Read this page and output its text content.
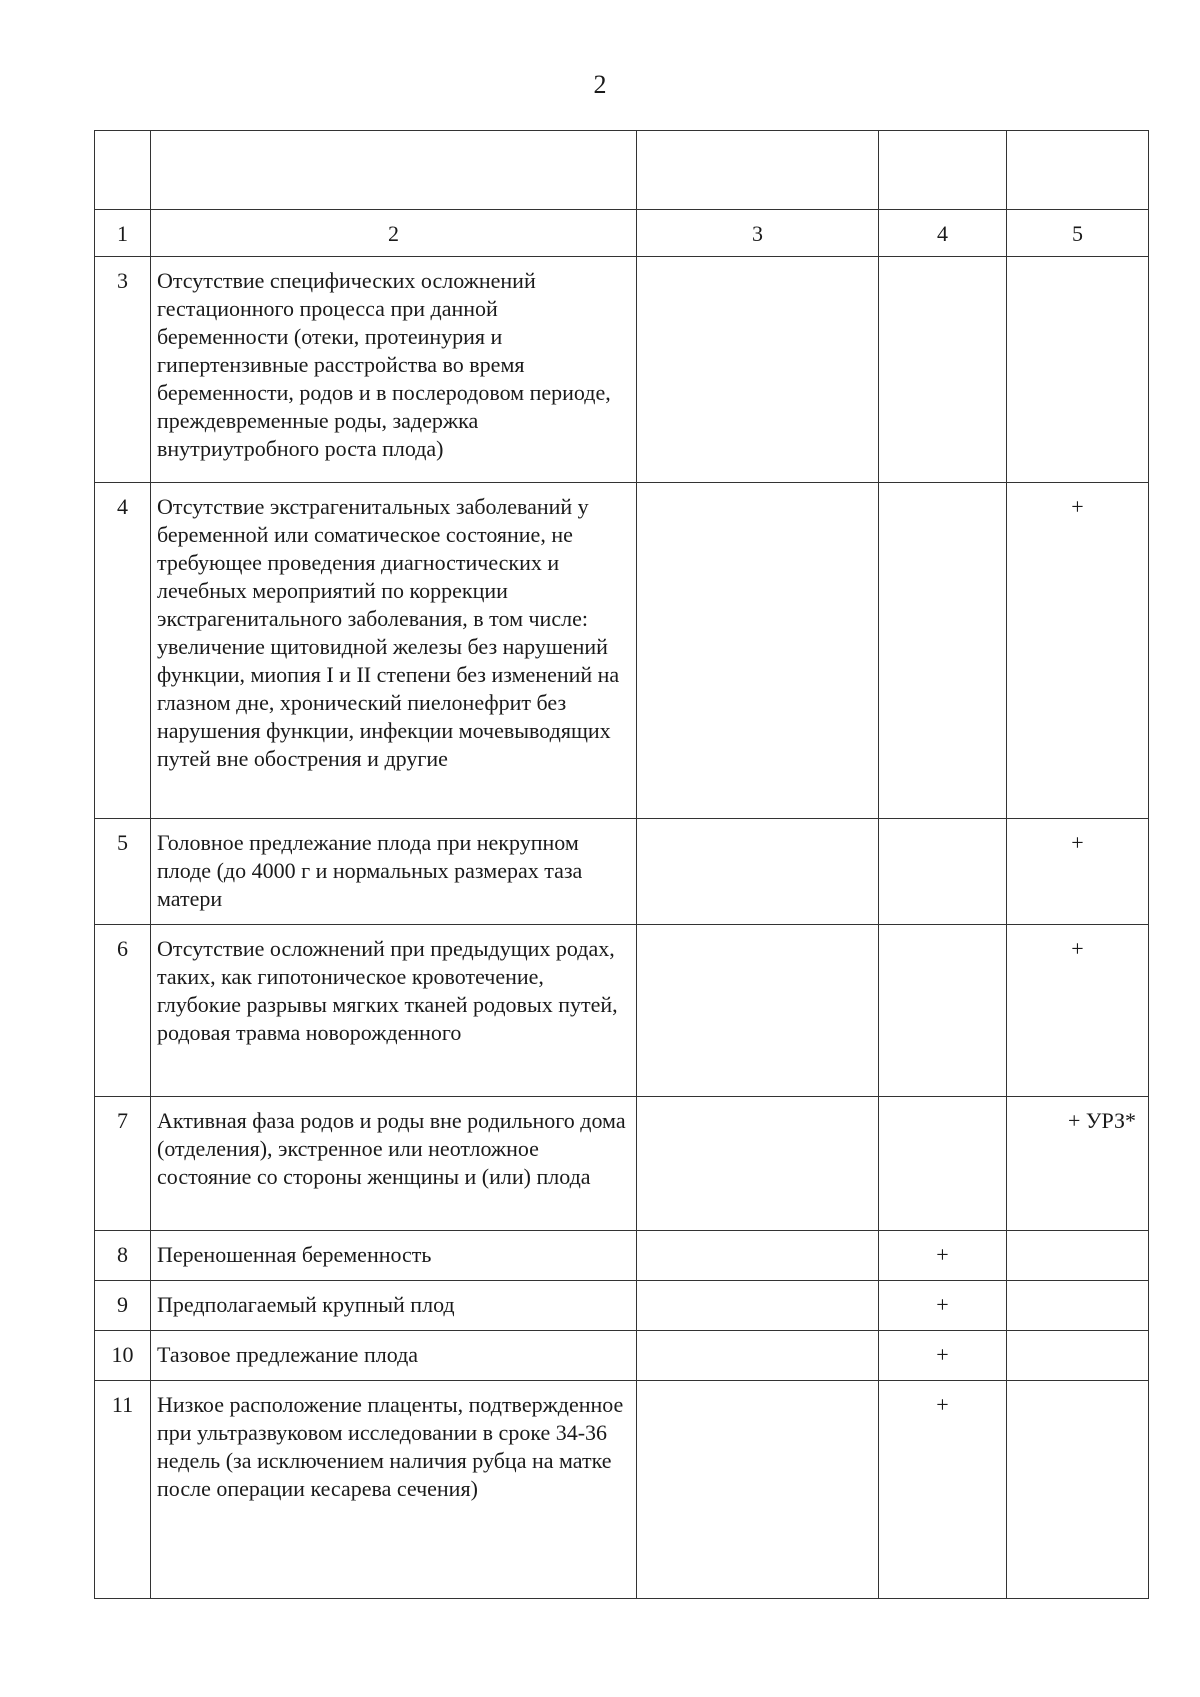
2

1	2	3	4	5
3	Отсутствие специфических осложнений гестационного процесса при данной беременности (отеки, протеинурия и гипертензивные расстройства во время беременности, родов и в послеродовом периоде, преждевременные роды, задержка внутриутробного роста плода)			
4	Отсутствие экстрагенитальных заболеваний у беременной или соматическое состояние, не требующее проведения диагностических и лечебных мероприятий по коррекции экстрагенитального заболевания, в том числе: увеличение щитовидной железы без нарушений функции, миопия I и II степени без изменений на глазном дне, хронический пиелонефрит без нарушения функции, инфекции мочевыводящих путей вне обострения и другие			+
5	Головное предлежание плода при некрупном плоде (до 4000 г и нормальных размерах таза матери			+
6	Отсутствие осложнений при предыдущих родах, таких, как гипотоническое кровотечение, глубокие разрывы мягких тканей родовых путей, родовая травма новорожденного			+
7	Активная фаза родов и роды вне родильного дома (отделения), экстренное или неотложное состояние со стороны женщины и (или) плода			+ УРЗ*
8	Переношенная беременность		+	
9	Предполагаемый крупный плод		+	
10	Тазовое предлежание плода		+	
11	Низкое расположение плаценты, подтвержденное при ультразвуковом исследовании в сроке 34-36 недель (за исключением наличия рубца на матке после операции кесарева сечения)		+	
